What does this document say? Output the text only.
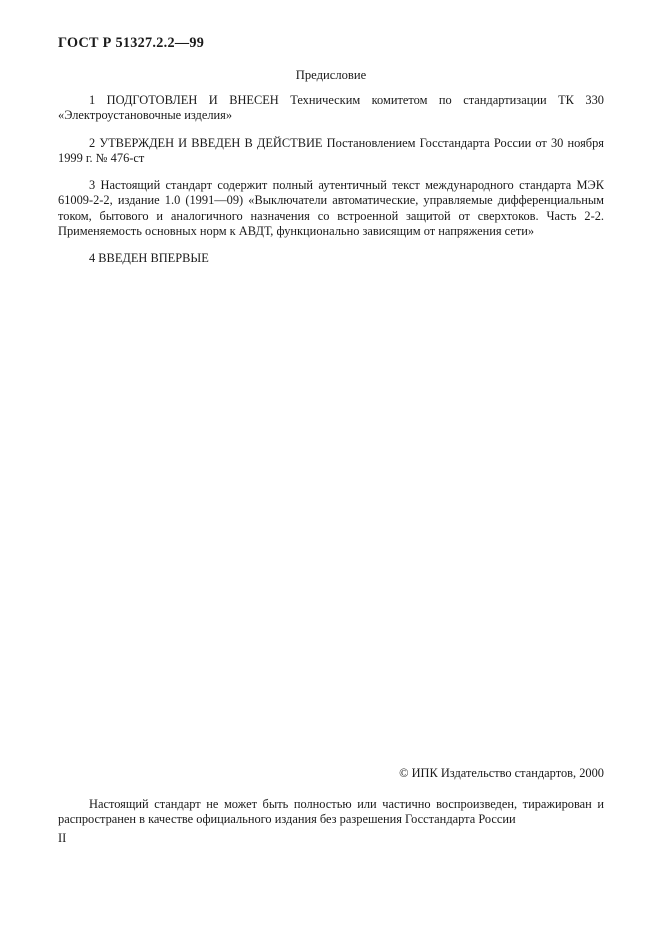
ГОСТ Р 51327.2.2—99
Предисловие

1 ПОДГОТОВЛЕН И ВНЕСЕН Техническим комитетом по стандартизации ТК 330 «Электроустановочные изделия»

2 УТВЕРЖДЕН И ВВЕДЕН В ДЕЙСТВИЕ Постановлением Госстандарта России от 30 ноября 1999 г. № 476-ст

3 Настоящий стандарт содержит полный аутентичный текст международного стандарта МЭК 61009-2-2, издание 1.0 (1991—09) «Выключатели автоматические, управляемые дифференциальным током, бытового и аналогичного назначения со встроенной защитой от сверхтоков. Часть 2-2. Применяемость основных норм к АВДТ, функционально зависящим от напряжения сети»

4 ВВЕДЕН ВПЕРВЫЕ

© ИПК Издательство стандартов, 2000

Настоящий стандарт не может быть полностью или частично воспроизведен, тиражирован и распространен в качестве официального издания без разрешения Госстандарта России

II
